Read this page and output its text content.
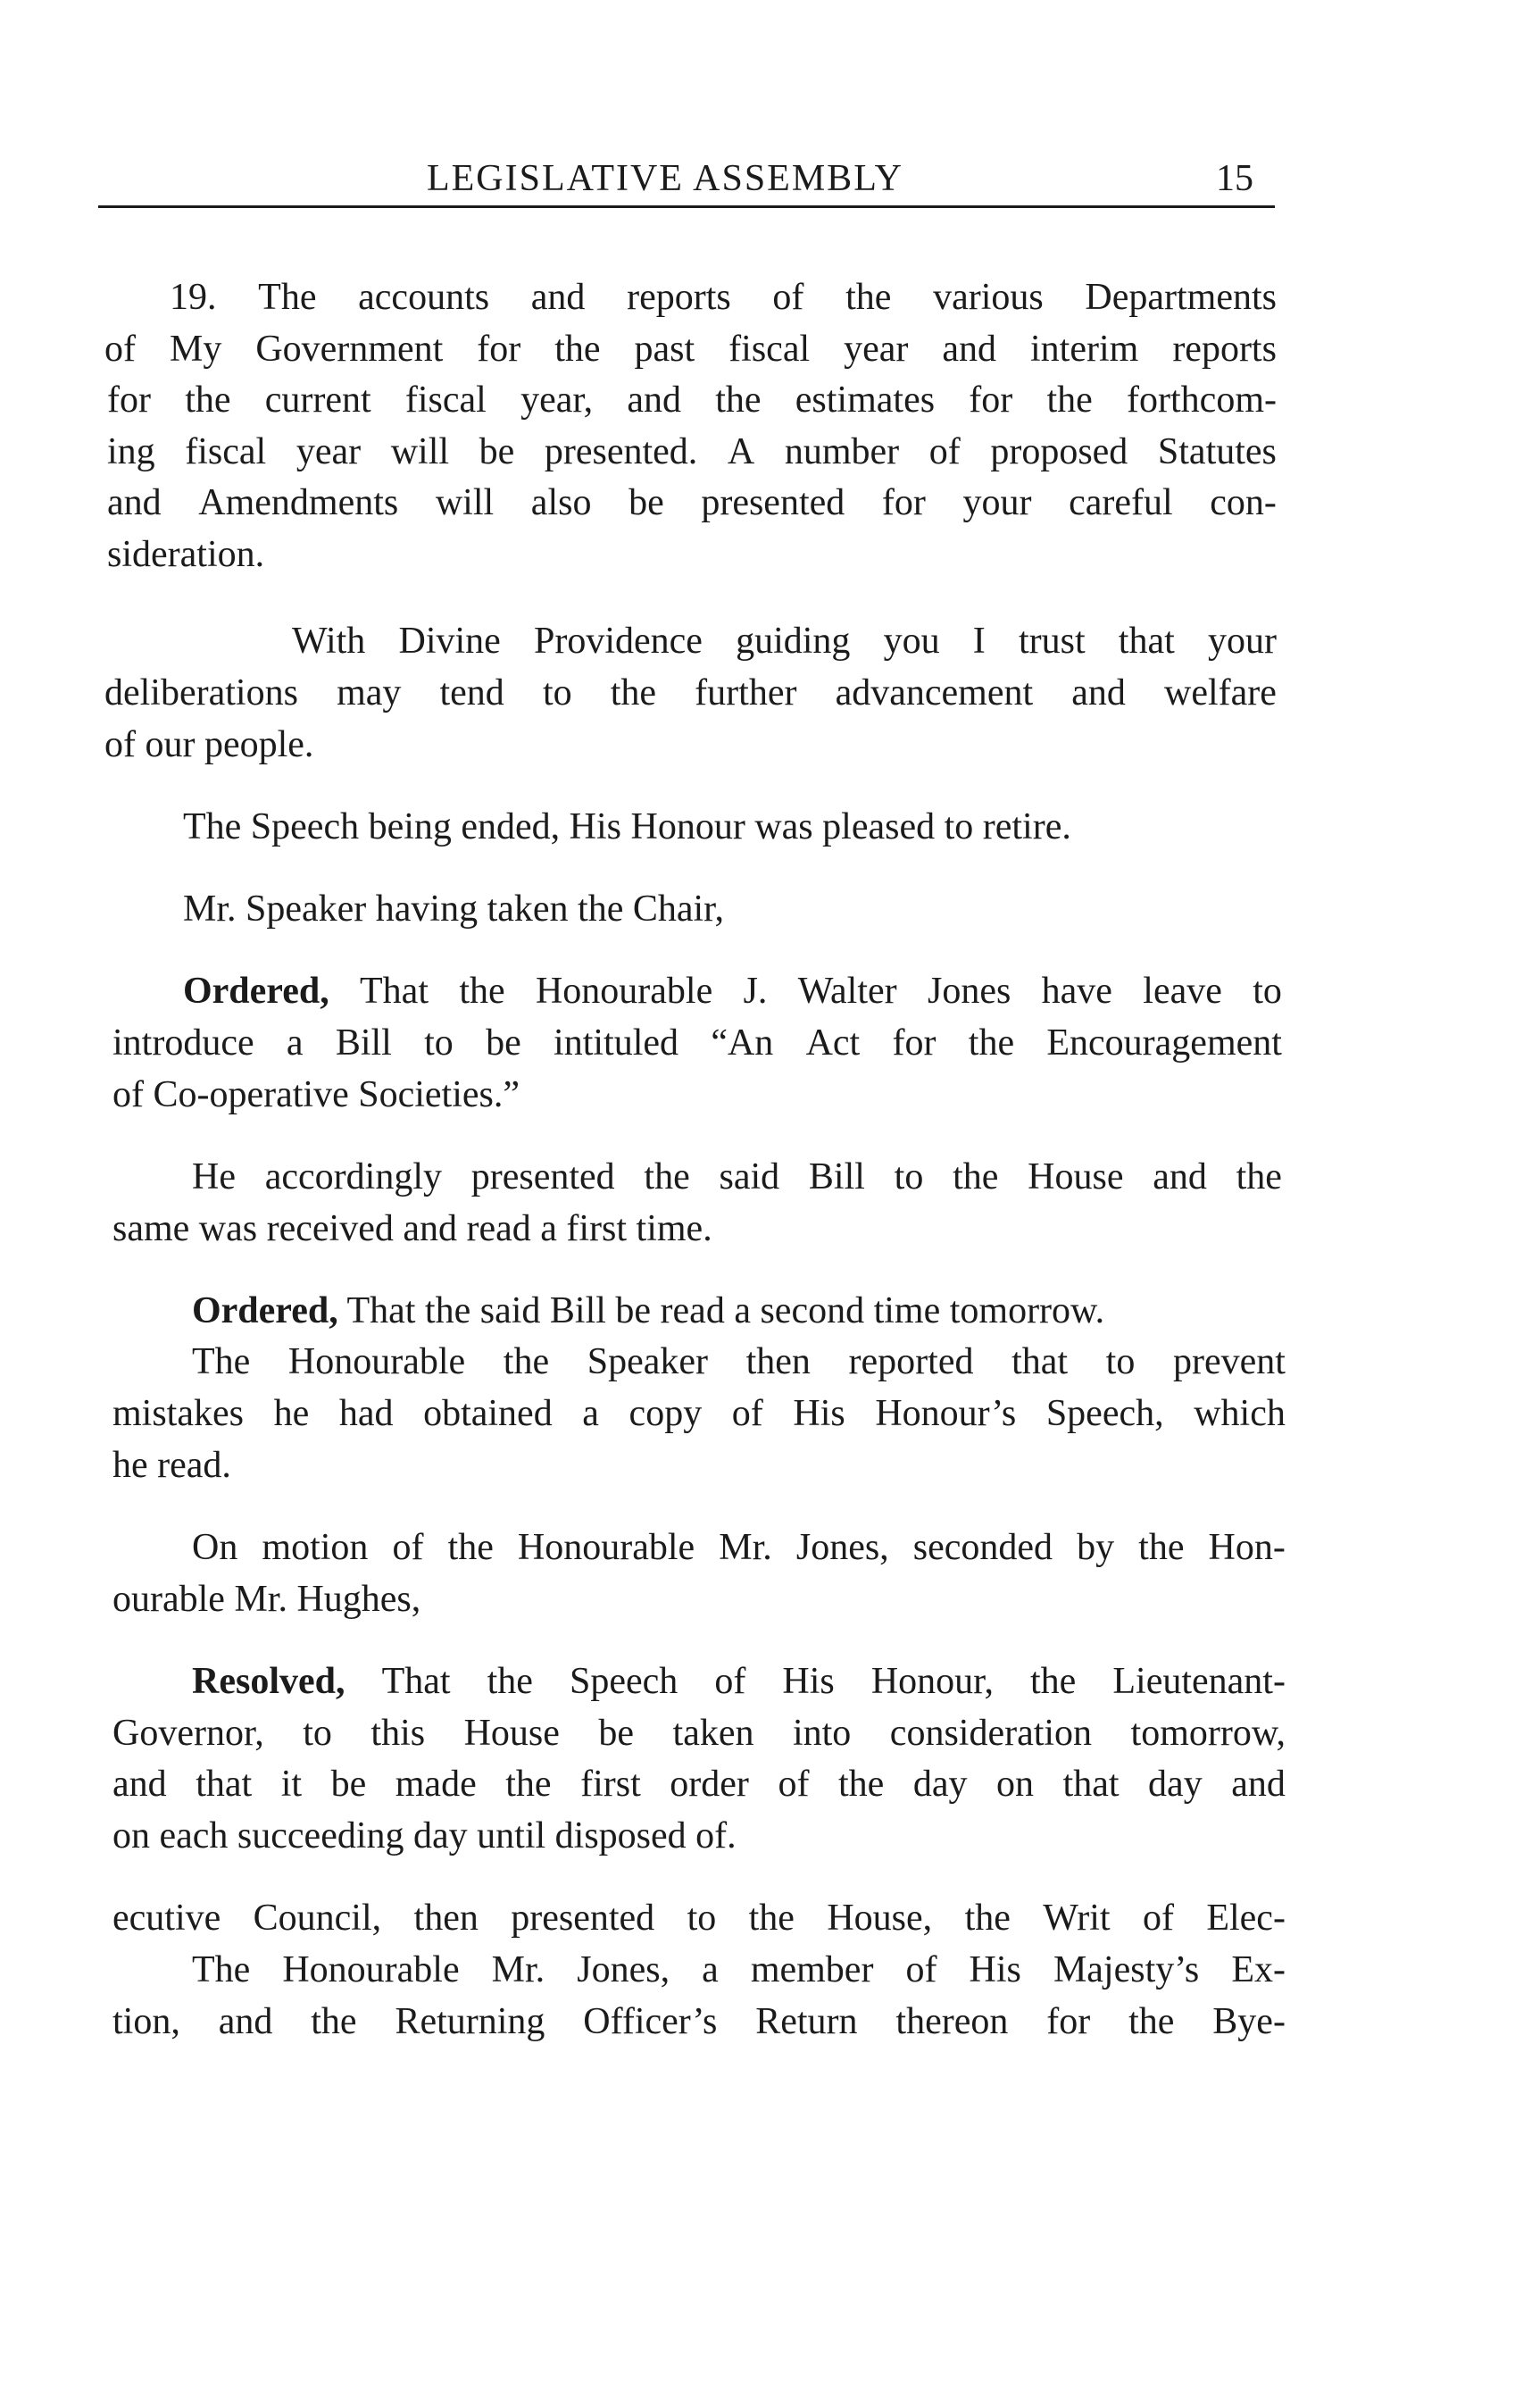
LEGISLATIVE ASSEMBLY	15
19. The accounts and reports of the various Departments
of My Government for the past fiscal year and interim reports
for the current fiscal year, and the estimates for the forthcom-
ing fiscal year will be presented. A number of proposed Statutes
and Amendments will also be presented for your careful con-
sideration.
With Divine Providence guiding you I trust that your
deliberations may tend to the further advancement and welfare
of our people.
The Speech being ended, His Honour was pleased to retire.
Mr. Speaker having taken the Chair,
Ordered, That the Honourable J. Walter Jones have leave to
introduce a Bill to be intituled “An Act for the Encouragement
of Co-operative Societies.”
He accordingly presented the said Bill to the House and the
same was received and read a first time.
Ordered, That the said Bill be read a second time tomorrow.
The Honourable the Speaker then reported that to prevent
mistakes he had obtained a copy of His Honour’s Speech, which
he read.
On motion of the Honourable Mr. Jones, seconded by the Hon-
ourable Mr. Hughes,
Resolved, That the Speech of His Honour, the Lieutenant-
Governor, to this House be taken into consideration tomorrow,
and that it be made the first order of the day on that day and
on each succeeding day until disposed of.
ecutive Council, then presented to the House, the Writ of Elec-
The Honourable Mr. Jones, a member of His Majesty’s Ex-
tion, and the Returning Officer’s Return thereon for the Bye-
